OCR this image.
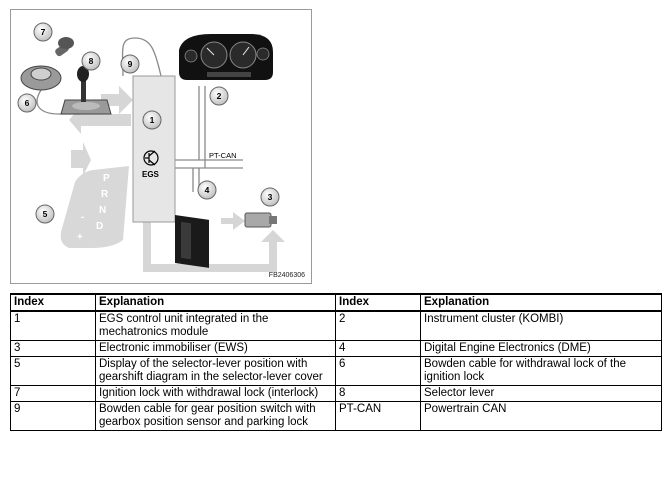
EGS
PT-CAN
P
R
N
D
+
-
1
2
3
4
5
6
7
8	9
FB2406306
Index	Explanation	Index	Explanation
1	EGS control unit integrated in the mechatronics module	2	Instrument cluster (KOMBI)
3	Electronic immobiliser (EWS)	4	Digital Engine Electronics (DME)
5	Display of the selector-lever position with gearshift diagram in the selector-lever cover	6	Bowden cable for withdrawal lock of the ignition lock
7	Ignition lock with withdrawal lock (interlock)	8	Selector lever
9	Bowden cable for gear position switch with gearbox position sensor and parking lock	PT-CAN	Powertrain CAN
